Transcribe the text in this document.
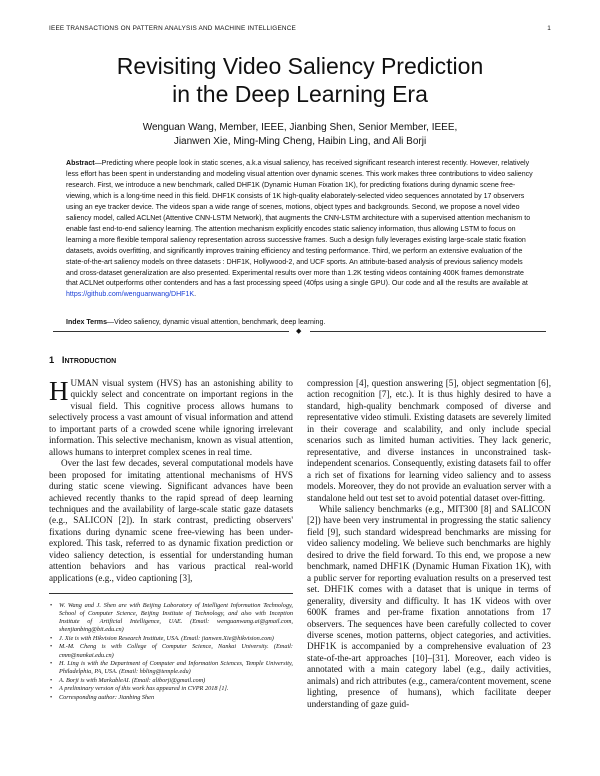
IEEE TRANSACTIONS ON PATTERN ANALYSIS AND MACHINE INTELLIGENCE	1
Revisiting Video Saliency Prediction
in the Deep Learning Era
Wenguan Wang, Member, IEEE, Jianbing Shen, Senior Member, IEEE,
Jianwen Xie, Ming-Ming Cheng, Haibin Ling, and Ali Borji
Abstract—Predicting where people look in static scenes, a.k.a visual saliency, has received significant research interest recently. However, relatively less effort has been spent in understanding and modeling visual attention over dynamic scenes. This work makes three contributions to video saliency research. First, we introduce a new benchmark, called DHF1K (Dynamic Human Fixation 1K), for predicting fixations during dynamic scene free-viewing, which is a long-time need in this field. DHF1K consists of 1K high-quality elaborately-selected video sequences annotated by 17 observers using an eye tracker device. The videos span a wide range of scenes, motions, object types and backgrounds. Second, we propose a novel video saliency model, called ACLNet (Attentive CNN-LSTM Network), that augments the CNN-LSTM architecture with a supervised attention mechanism to enable fast end-to-end saliency learning. The attention mechanism explicitly encodes static saliency information, thus allowing LSTM to focus on learning a more flexible temporal saliency representation across successive frames. Such a design fully leverages existing large-scale static fixation datasets, avoids overfitting, and significantly improves training efficiency and testing performance. Third, we perform an extensive evaluation of the state-of-the-art saliency models on three datasets : DHF1K, Hollywood-2, and UCF sports. An attribute-based analysis of previous saliency models and cross-dataset generalization are also presented. Experimental results over more than 1.2K testing videos containing 400K frames demonstrate that ACLNet outperforms other contenders and has a fast processing speed (40fps using a single GPU). Our code and all the results are available at https://github.com/wenguanwang/DHF1K.
Index Terms—Video saliency, dynamic visual attention, benchmark, deep learning.
◆
1 Introduction

HUMAN visual system (HVS) has an astonishing ability to quickly select and concentrate on important regions in the visual field. This cognitive process allows humans to selectively process a vast amount of visual information and attend to important parts of a crowded scene while ignoring irrelevant information. This selective mechanism, known as visual attention, allows humans to interpret complex scenes in real time.

Over the last few decades, several computational models have been proposed for imitating attentional mechanisms of HVS during static scene viewing. Significant advances have been achieved recently thanks to the rapid spread of deep learning techniques and the availability of large-scale static gaze datasets (e.g., SALICON [2]). In stark contrast, predicting observers' fixations during dynamic scene free-viewing has been under-explored. This task, referred to as dynamic fixation prediction or video saliency detection, is essential for understanding human attention behaviors and has various practical real-world applications (e.g., video captioning [3],

• W. Wang and J. Shen are with Beijing Laboratory of Intelligent Information Technology, School of Computer Science, Beijing Institute of Technology, and also with Inception Institute of Artificial Intelligence, UAE. (Email: wenguanwang.ai@gmail.com, shenjianbing@bit.edu.cn)
• J. Xie is with Hikvision Research Institute, USA. (Email: jianwen.Xie@hikvision.com)
• M.-M. Cheng is with College of Computer Science, Nankai University. (Email: cmm@nankai.edu.cn)
• H. Ling is with the Department of Computer and Information Sciences, Temple University, Philadelphia, PA, USA. (Email: hbling@temple.edu)
• A. Borji is with MarkableAI. (Email: aliborji@gmail.com)
• A preliminary version of this work has appeared in CVPR 2018 [1].
• Corresponding author: Jianbing Shen

compression [4], question answering [5], object segmentation [6], action recognition [7], etc.). It is thus highly desired to have a standard, high-quality benchmark composed of diverse and representative video stimuli. Existing datasets are severely limited in their coverage and scalability, and only include special scenarios such as limited human activities. They lack generic, representative, and diverse instances in unconstrained task-independent scenarios. Consequently, existing datasets fail to offer a rich set of fixations for learning video saliency and to assess models. Moreover, they do not provide an evaluation server with a standalone held out test set to avoid potential dataset over-fitting.

While saliency benchmarks (e.g., MIT300 [8] and SALICON [2]) have been very instrumental in progressing the static saliency field [9], such standard widespread benchmarks are missing for video saliency modeling. We believe such benchmarks are highly desired to drive the field forward. To this end, we propose a new benchmark, named DHF1K (Dynamic Human Fixation 1K), with a public server for reporting evaluation results on a preserved test set. DHF1K comes with a dataset that is unique in terms of generality, diversity and difficulty. It has 1K videos with over 600K frames and per-frame fixation annotations from 17 observers. The sequences have been carefully collected to cover diverse scenes, motion patterns, object categories, and activities. DHF1K is accompanied by a comprehensive evaluation of 23 state-of-the-art approaches [10]–[31]. Moreover, each video is annotated with a main category label (e.g., daily activities, animals) and rich attributes (e.g., camera/content movement, scene lighting, presence of humans), which facilitate deeper understanding of gaze guid-
